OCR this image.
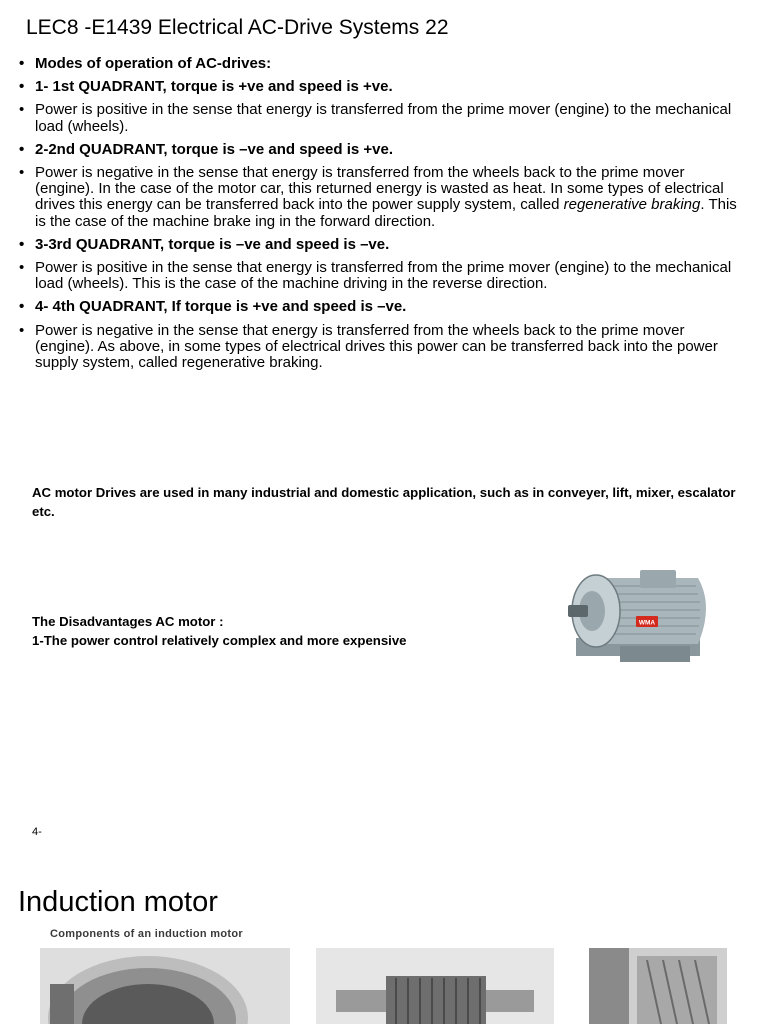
LEC8 -E1439 Electrical AC-Drive Systems 22
• Modes of operation of AC-drives:
• 1- 1st QUADRANT, torque is +ve and speed is +ve.
• Power is positive in the sense that energy is transferred from the prime mover (engine) to the mechanical load (wheels).
• 2-2nd QUADRANT, torque is –ve and speed is +ve.
• Power is negative in the sense that energy is transferred from the wheels back to the prime mover (engine). In the case of the motor car, this returned energy is wasted as heat. In some types of electrical drives this energy can be transferred back into the power supply system, called regenerative braking. This is the case of the machine brake ing in the forward direction.
• 3-3rd QUADRANT, torque is –ve and speed is –ve.
• Power is positive in the sense that energy is transferred from the prime mover (engine) to the mechanical load (wheels). This is the case of the machine driving in the reverse direction.
• 4- 4th QUADRANT, If torque is +ve and speed is –ve.
• Power is negative in the sense that energy is transferred from the wheels back to the prime mover (engine). As above, in some types of electrical drives this power can be transferred back into the power supply system, called regenerative braking.
AC motor Drives are used in many industrial and domestic application, such as in conveyer, lift, mixer, escalator etc.
The Disadvantages AC motor :
1-The power control relatively complex and more expensive
WMA
4-
Induction motor
Components of an induction motor
